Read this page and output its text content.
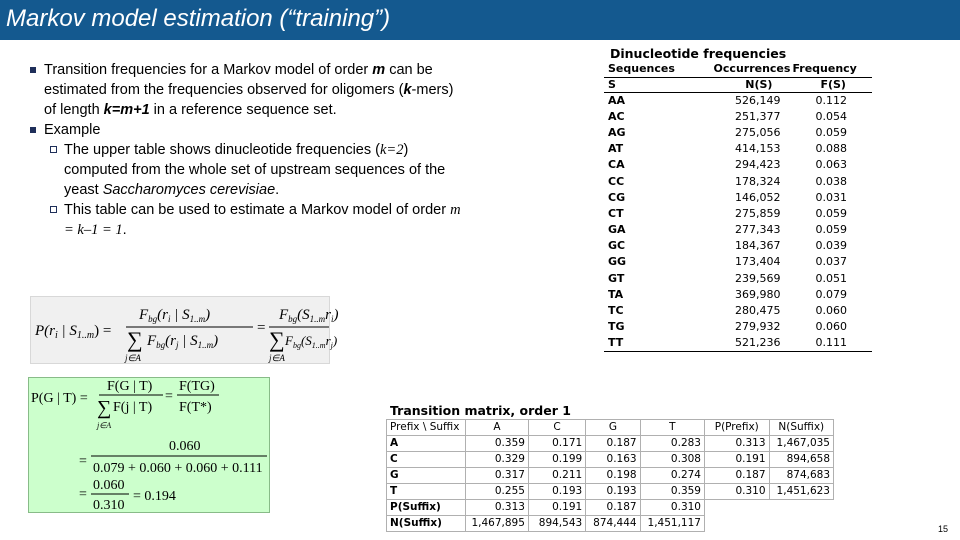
Markov model estimation (“training”)
Transition frequencies for a Markov model of order m can be estimated from the frequencies observed for oligomers (k-mers) of length k=m+1 in a reference sequence set.
Example
The upper table shows dinucleotide frequencies (k=2) computed from the whole set of upstream sequences of the yeast Saccharomyces cerevisiae.
This table can be used to estimate a Markov model of order m = k–1 = 1.
$P(r_i$ | $S_{1..m}$) =
$F_{bg}(r_i$ | $S_{1..m}$)
∑ $F_{bg}(r_j$ | $S_{1..m}$)
j∈A
=
$F_{bg}(S_{1..m}r_i)$
∑ $F_{bg}(S_{1..m}r_j)$
j∈A
P(G | T) =
F(G | T)
∑ F(j | T)
j∈A
=
F(TG)
F(T*)
=
0.060
0.079 + 0.060 + 0.060 + 0.111
=
0.060
0.310
= 0.194
Dinucleotide frequencies
Sequences	Occurrences	Frequency
S	N(S)	F(S)
AA	526,149	0.112
AC	251,377	0.054
AG	275,056	0.059
AT	414,153	0.088
CA	294,423	0.063
CC	178,324	0.038
CG	146,052	0.031
CT	275,859	0.059
GA	277,343	0.059
GC	184,367	0.039
GG	173,404	0.037
GT	239,569	0.051
TA	369,980	0.079
TC	280,475	0.060
TG	279,932	0.060
TT	521,236	0.111
Transition matrix, order 1
Prefix \ Suffix	A	C	G	T	P(Prefix)	N(Suffix)
A	0.359	0.171	0.187	0.283	0.313	1,467,035
C	0.329	0.199	0.163	0.308	0.191	894,658
G	0.317	0.211	0.198	0.274	0.187	874,683
T	0.255	0.193	0.193	0.359	0.310	1,451,623
P(Suffix)	0.313	0.191	0.187	0.310		
N(Suffix)	1,467,895	894,543	874,444	1,451,117			15
